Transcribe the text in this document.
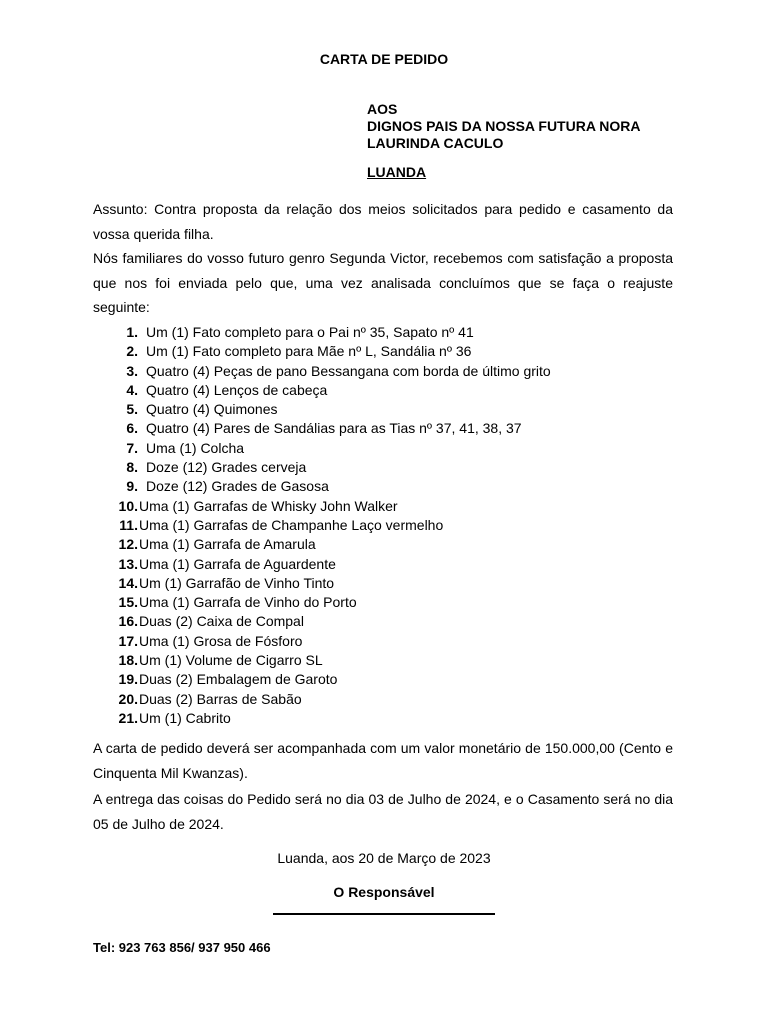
CARTA DE PEDIDO
AOS
DIGNOS PAIS DA NOSSA FUTURA NORA
LAURINDA CACULO
LUANDA
Assunto: Contra proposta da relação dos meios solicitados para pedido e casamento da vossa querida filha.
Nós familiares do vosso futuro genro Segunda Victor, recebemos com satisfação a proposta que nos foi enviada pelo que, uma vez analisada concluímos que se faça o reajuste seguinte:
1. Um (1) Fato completo para o Pai nº 35, Sapato nº 41
2. Um (1) Fato completo para Mãe nº L, Sandália nº 36
3. Quatro (4) Peças de pano Bessangana com borda de último grito
4. Quatro (4) Lenços de cabeça
5. Quatro (4) Quimones
6. Quatro (4) Pares de Sandálias para as Tias nº 37, 41, 38, 37
7. Uma (1) Colcha
8. Doze (12) Grades cerveja
9. Doze (12) Grades de Gasosa
10. Uma (1) Garrafas de Whisky John Walker
11. Uma (1) Garrafas de Champanhe Laço vermelho
12. Uma (1) Garrafa de Amarula
13. Uma (1) Garrafa de Aguardente
14. Um (1) Garrafão de Vinho Tinto
15. Uma (1) Garrafa de Vinho do Porto
16. Duas (2) Caixa de Compal
17. Uma (1) Grosa de Fósforo
18. Um (1) Volume de Cigarro SL
19. Duas (2) Embalagem de Garoto
20. Duas (2) Barras de Sabão
21. Um (1) Cabrito
A carta de pedido deverá ser acompanhada com um valor monetário de 150.000,00 (Cento e Cinquenta Mil Kwanzas).
A entrega das coisas do Pedido será no dia 03 de Julho de 2024, e o Casamento será no dia 05 de Julho de 2024.
Luanda, aos 20 de Março de 2023
O Responsável
Tel: 923 763 856/ 937 950 466
